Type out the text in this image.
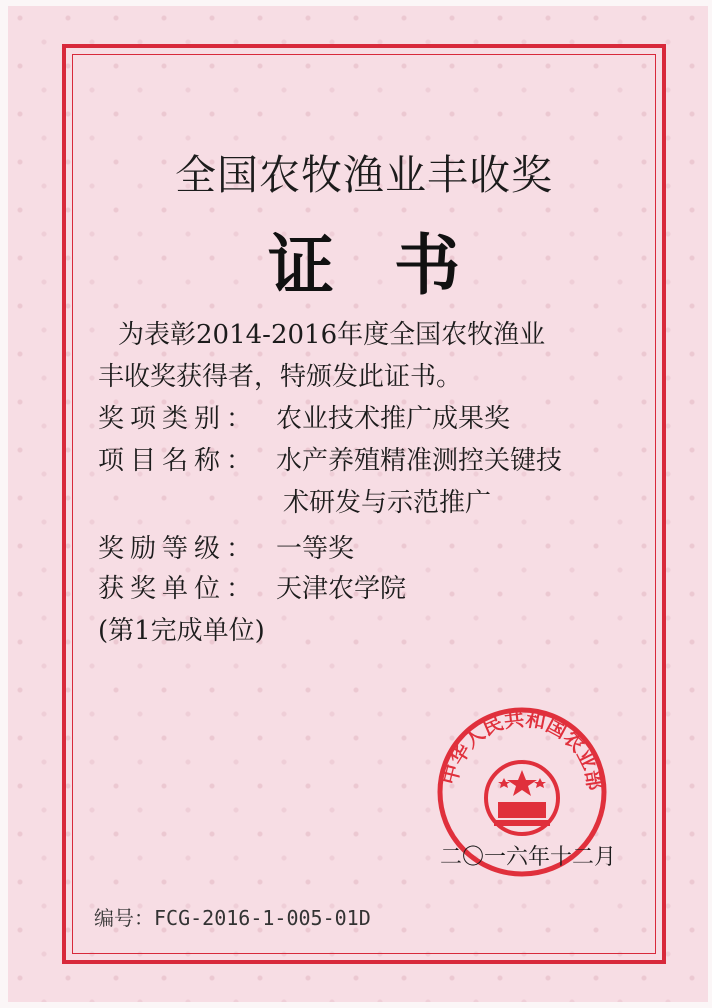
全国农牧渔业丰收奖
证书
为表彰2014-2016年度全国农牧渔业
丰收奖获得者，特颁发此证书。
奖项类别： 农业技术推广成果奖
项目名称： 水产养殖精准测控关键技
术研发与示范推广
奖励等级： 一等奖
获奖单位： 天津农学院
(第1完成单位)
中华人民共和国农业部
二〇一六年十二月
编号：FCG-2016-1-005-01D
